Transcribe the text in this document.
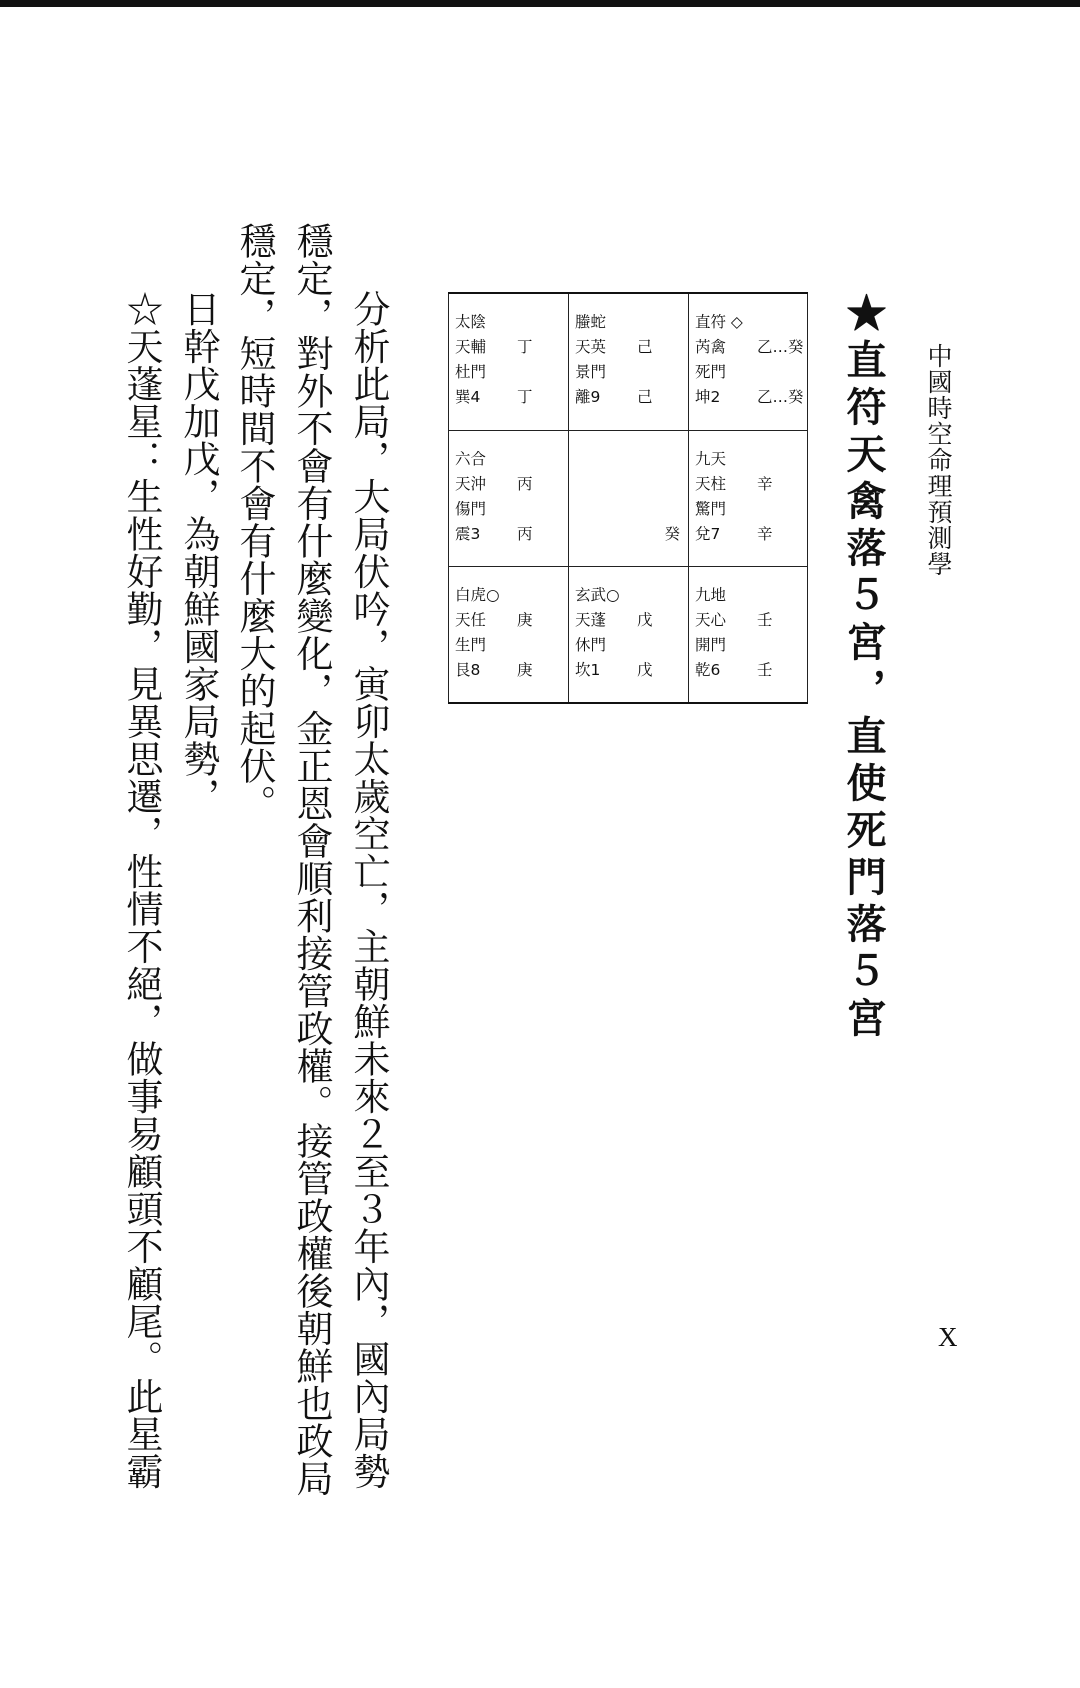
中國時空命理預測學
X
★直符天禽落５宮，直使死門落５宮
太陰
天輔 丁
杜門
巽4 丁
螣蛇
天英 己
景門
離9 己
直符 ◇
芮禽 乙…癸
死門
坤2 乙…癸
六合
天沖 丙
傷門
震3 丙	癸
九天
天柱 辛
驚門
兌7 辛
白虎○
天任 庚
生門
艮8 庚
玄武○
天蓬 戊
休門
坎1 戊
九地
天心 壬
開門
乾6 壬
分析此局，大局伏吟，寅卯太歲空亡，主朝鮮未來２至３年內，國內局勢
穩定，對外不會有什麼變化，金正恩會順利接管政權。接管政權後朝鮮也政局
穩定，短時間不會有什麼大的起伏。
日幹戊加戊，為朝鮮國家局勢，
☆天蓬星：生性好勤，見異思遷，性情不絕，做事易顧頭不顧尾。此星霸
